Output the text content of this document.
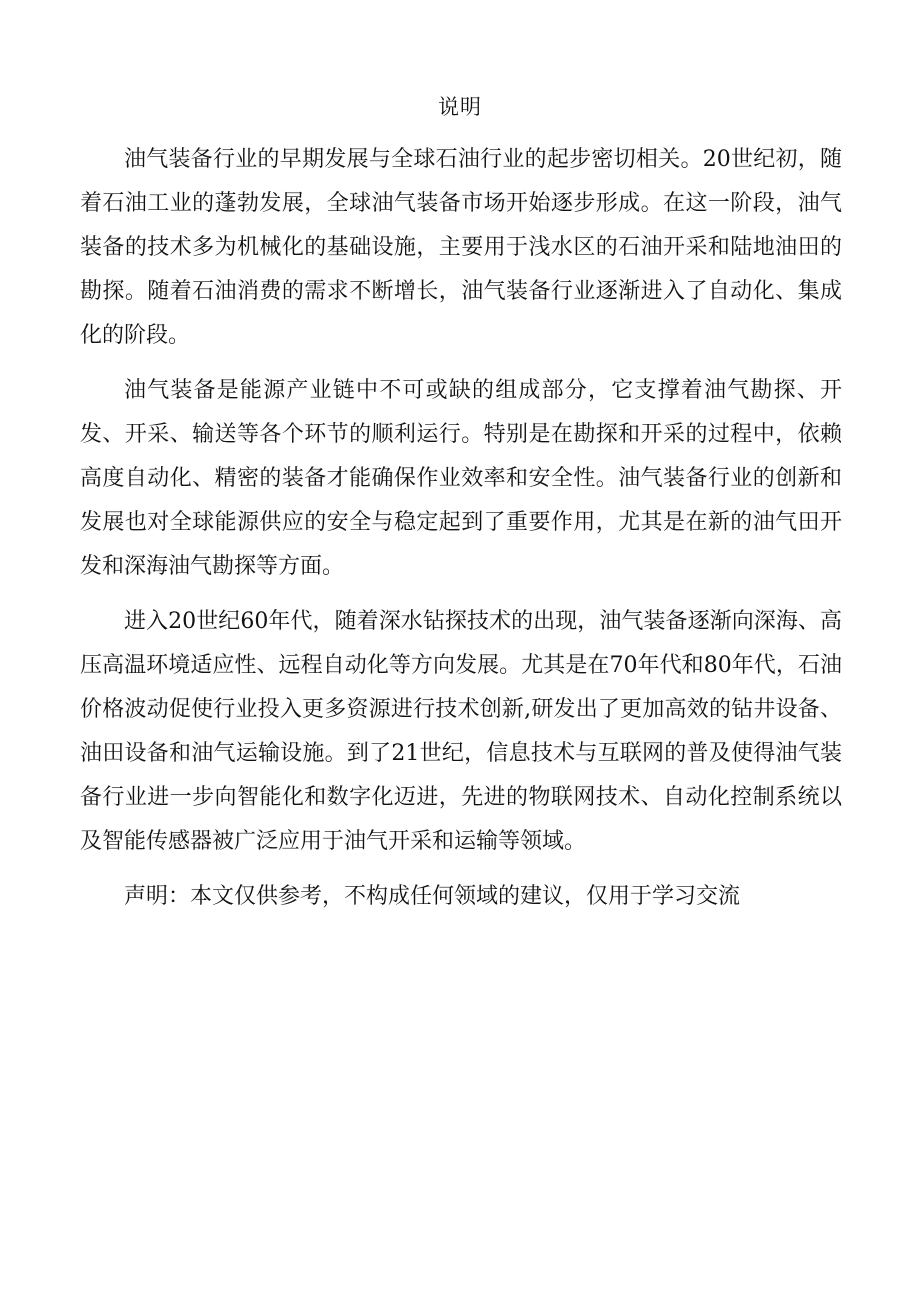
说明

油气装备行业的早期发展与全球石油行业的起步密切相关。20世纪初，随着石油工业的蓬勃发展，全球油气装备市场开始逐步形成。在这一阶段，油气装备的技术多为机械化的基础设施，主要用于浅水区的石油开采和陆地油田的勘探。随着石油消费的需求不断增长，油气装备行业逐渐进入了自动化、集成化的阶段。

油气装备是能源产业链中不可或缺的组成部分，它支撑着油气勘探、开发、开采、输送等各个环节的顺利运行。特别是在勘探和开采的过程中，依赖高度自动化、精密的装备才能确保作业效率和安全性。油气装备行业的创新和发展也对全球能源供应的安全与稳定起到了重要作用，尤其是在新的油气田开发和深海油气勘探等方面。

进入20世纪60年代，随着深水钻探技术的出现，油气装备逐渐向深海、高压高温环境适应性、远程自动化等方向发展。尤其是在70年代和80年代，石油价格波动促使行业投入更多资源进行技术创新,研发出了更加高效的钻井设备、油田设备和油气运输设施。到了21世纪，信息技术与互联网的普及使得油气装备行业进一步向智能化和数字化迈进，先进的物联网技术、自动化控制系统以及智能传感器被广泛应用于油气开采和运输等领域。

声明：本文仅供参考，不构成任何领域的建议，仅用于学习交流
